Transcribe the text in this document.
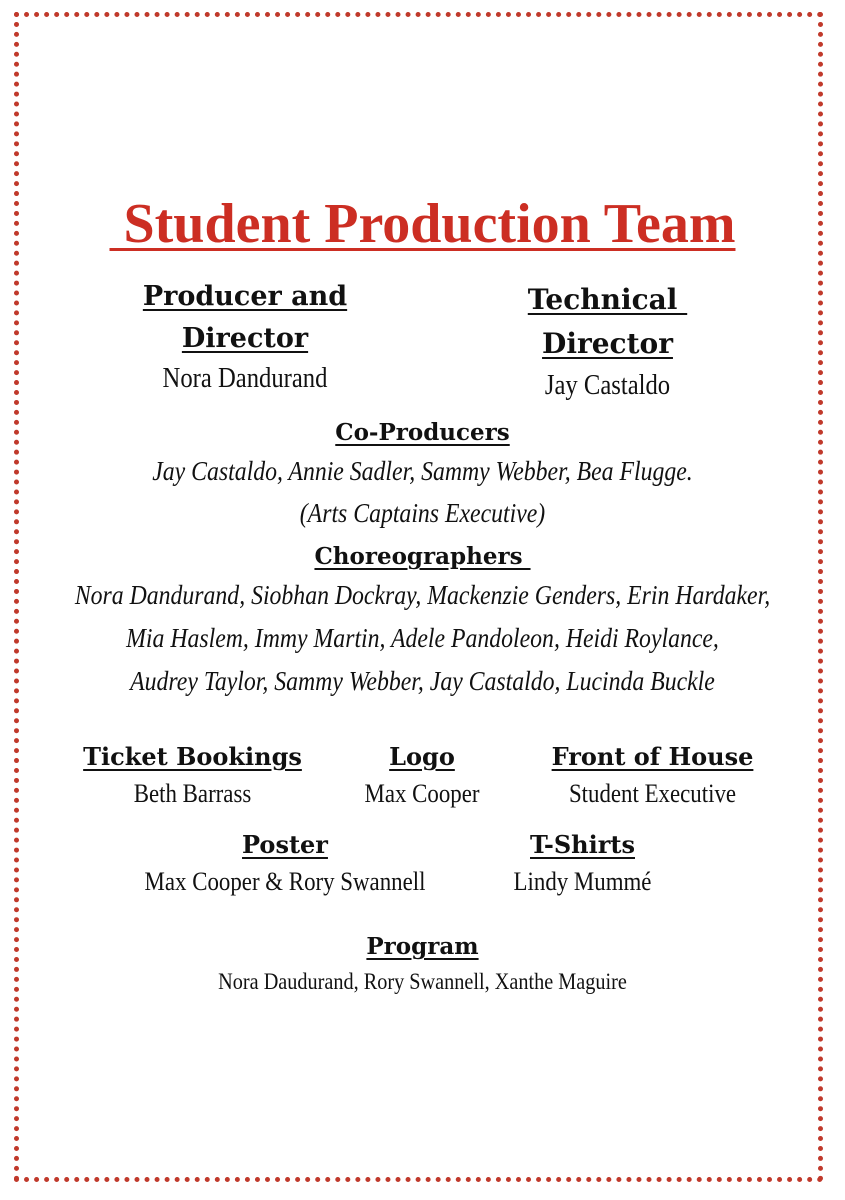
Student Production Team
Producer and
Director
Nora Dandurand
Technical
Director
Jay Castaldo
Co-Producers
Jay Castaldo, Annie Sadler, Sammy Webber, Bea Flugge.
(Arts Captains Executive)
Choreographers
Nora Dandurand, Siobhan Dockray, Mackenzie Genders, Erin Hardaker,
Mia Haslem, Immy Martin, Adele Pandoleon, Heidi Roylance,
Audrey Taylor, Sammy Webber, Jay Castaldo, Lucinda Buckle
Ticket Bookings
Beth Barrass
Logo
Max Cooper
Front of House
Student Executive
Poster
Max Cooper & Rory Swannell
T-Shirts
Lindy Mummé
Program
Nora Daudurand, Rory Swannell, Xanthe Maguire
